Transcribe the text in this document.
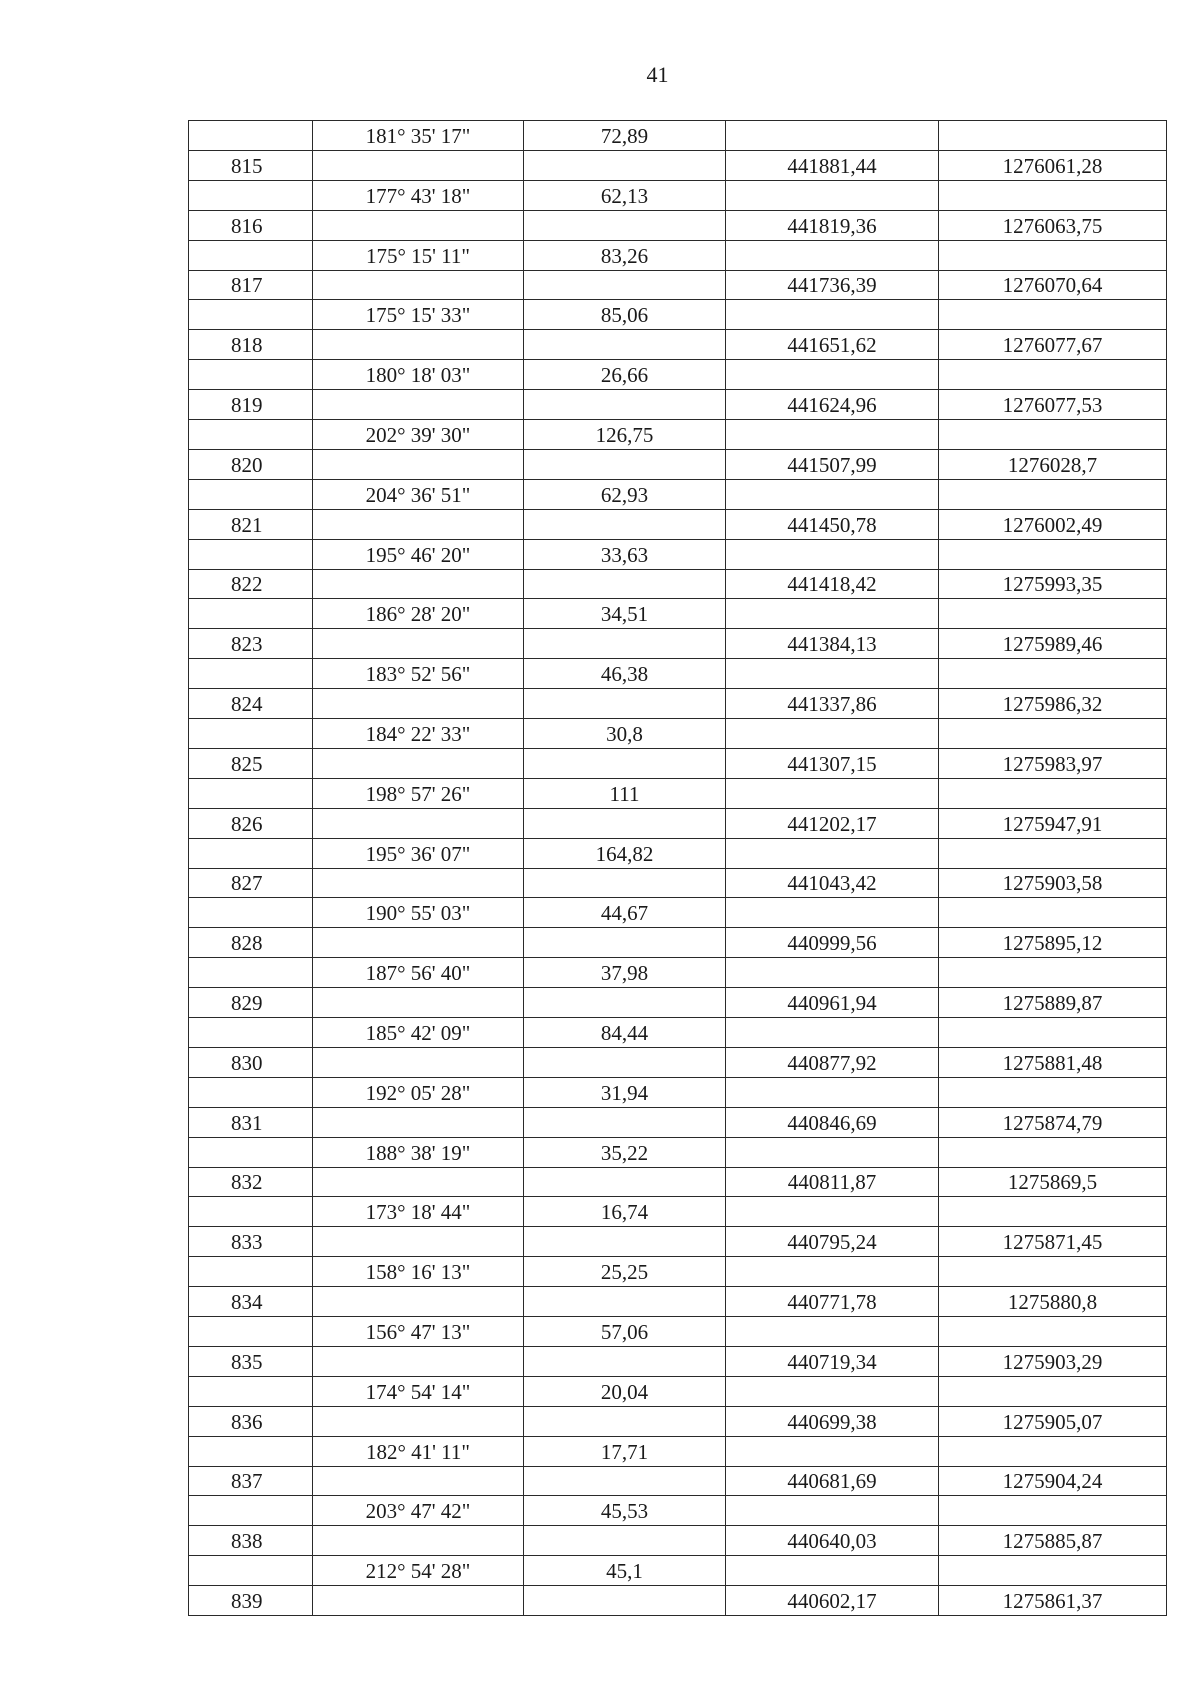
41
	181° 35' 17"	72,89		
815			441881,44	1276061,28
	177° 43' 18"	62,13		
816			441819,36	1276063,75
	175° 15' 11"	83,26		
817			441736,39	1276070,64
	175° 15' 33"	85,06		
818			441651,62	1276077,67
	180° 18' 03"	26,66		
819			441624,96	1276077,53
	202° 39' 30"	126,75		
820			441507,99	1276028,7
	204° 36' 51"	62,93		
821			441450,78	1276002,49
	195° 46' 20"	33,63		
822			441418,42	1275993,35
	186° 28' 20"	34,51		
823			441384,13	1275989,46
	183° 52' 56"	46,38		
824			441337,86	1275986,32
	184° 22' 33"	30,8		
825			441307,15	1275983,97
	198° 57' 26"	111		
826			441202,17	1275947,91
	195° 36' 07"	164,82		
827			441043,42	1275903,58
	190° 55' 03"	44,67		
828			440999,56	1275895,12
	187° 56' 40"	37,98		
829			440961,94	1275889,87
	185° 42' 09"	84,44		
830			440877,92	1275881,48
	192° 05' 28"	31,94		
831			440846,69	1275874,79
	188° 38' 19"	35,22		
832			440811,87	1275869,5
	173° 18' 44"	16,74		
833			440795,24	1275871,45
	158° 16' 13"	25,25		
834			440771,78	1275880,8
	156° 47' 13"	57,06		
835			440719,34	1275903,29
	174° 54' 14"	20,04		
836			440699,38	1275905,07
	182° 41' 11"	17,71		
837			440681,69	1275904,24
	203° 47' 42"	45,53		
838			440640,03	1275885,87
	212° 54' 28"	45,1		
839			440602,17	1275861,37
